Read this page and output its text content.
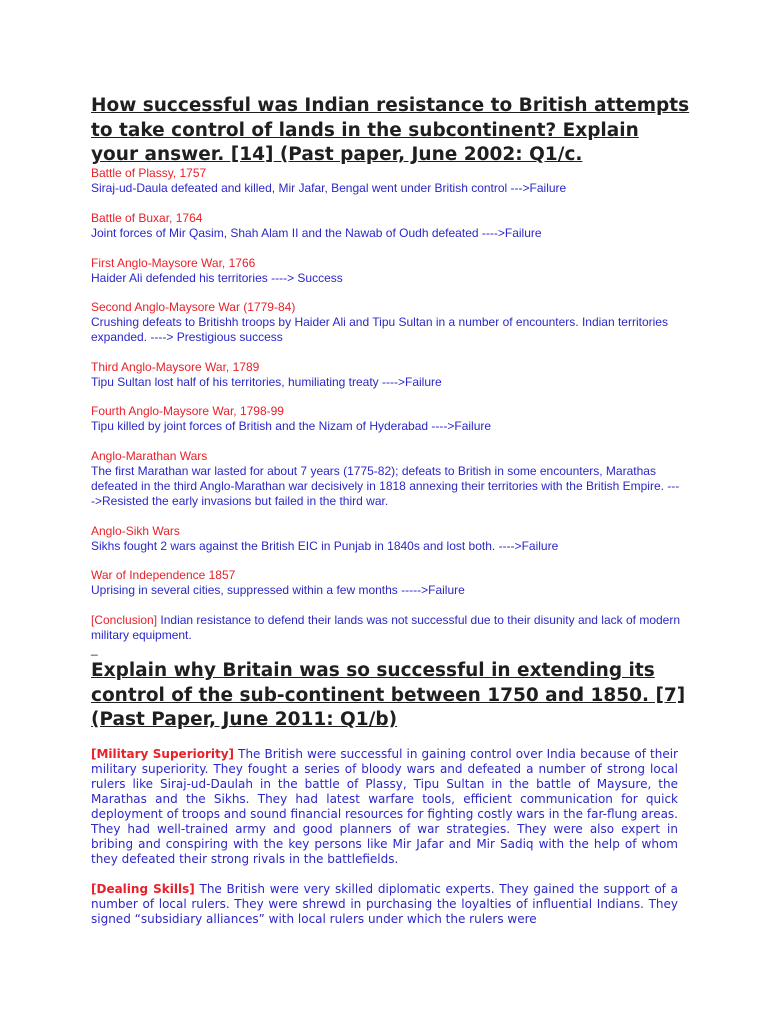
How successful was Indian resistance to British attempts to take control of lands in the subcontinent? Explain your answer. [14] (Past paper, June 2002: Q1/c.
Battle of Plassy, 1757
Siraj-ud-Daula defeated and killed, Mir Jafar, Bengal went under British control --->Failure
Battle of Buxar, 1764
Joint forces of Mir Qasim, Shah Alam II and the Nawab of Oudh defeated ---->Failure
First Anglo-Maysore War, 1766
Haider Ali defended his territories ----> Success
Second Anglo-Maysore War (1779-84)
Crushing defeats to Britishh troops by Haider Ali and Tipu Sultan in a number of encounters. Indian territories expanded. ----> Prestigious success
Third Anglo-Maysore War, 1789
Tipu Sultan lost half of his territories, humiliating treaty ---->Failure
Fourth Anglo-Maysore War, 1798-99
Tipu killed by joint forces of British and the Nizam of Hyderabad ---->Failure
Anglo-Marathan Wars
The first Marathan war lasted for about 7 years (1775-82); defeats to British in some encounters, Marathas defeated in the third Anglo-Marathan war decisively in 1818 annexing their territories with the British Empire. ---->Resisted the early invasions but failed in the third war.
Anglo-Sikh Wars
Sikhs fought 2 wars against the British EIC in Punjab in 1840s and lost both. ---->Failure
War of Independence 1857
Uprising in several cities, suppressed within a few months ----->Failure
[Conclusion] Indian resistance to defend their lands was not successful due to their disunity and lack of modern military equipment.
_
Explain why Britain was so successful in extending its control of the sub-continent between 1750 and 1850. [7] (Past Paper, June 2011: Q1/b)

[Military Superiority] The British were successful in gaining control over India because of their military superiority. They fought a series of bloody wars and defeated a number of strong local rulers like Siraj-ud-Daulah in the battle of Plassy, Tipu Sultan in the battle of Maysure, the Marathas and the Sikhs. They had latest warfare tools, efficient communication for quick deployment of troops and sound financial resources for fighting costly wars in the far-flung areas. They had well-trained army and good planners of war strategies. They were also expert in bribing and conspiring with the key persons like Mir Jafar and Mir Sadiq with the help of whom they defeated their strong rivals in the battlefields.

[Dealing Skills] The British were very skilled diplomatic experts. They gained the support of a number of local rulers. They were shrewd in purchasing the loyalties of influential Indians. They signed “subsidiary alliances” with local rulers under which the rulers were
